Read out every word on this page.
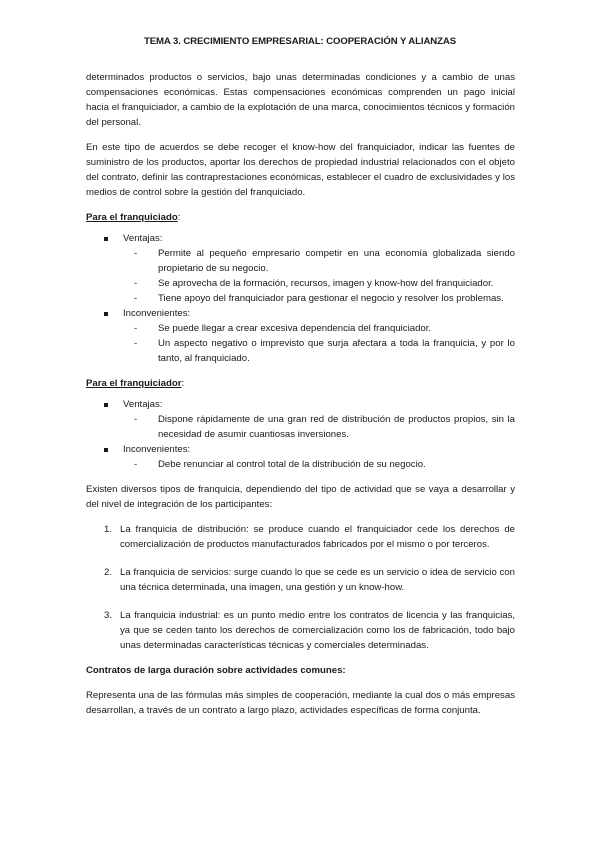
TEMA 3. CRECIMIENTO EMPRESARIAL: COOPERACIÓN Y ALIANZAS

determinados productos o servicios, bajo unas determinadas condiciones y a cambio de unas compensaciones económicas. Estas compensaciones económicas comprenden un pago inicial hacia el franquiciador, a cambio de la explotación de una marca, conocimientos técnicos y formación del personal.

En este tipo de acuerdos se debe recoger el know-how del franquiciador, indicar las fuentes de suministro de los productos, aportar los derechos de propiedad industrial relacionados con el objeto del contrato, definir las contraprestaciones económicas, establecer el cuadro de exclusividades y los medios de control sobre la gestión del franquiciado.

Para el franquiciado:

Ventajas:
- Permite al pequeño empresario competir en una economía globalizada siendo propietario de su negocio.
- Se aprovecha de la formación, recursos, imagen y know-how del franquiciador.
- Tiene apoyo del franquiciador para gestionar el negocio y resolver los problemas.
Inconvenientes:
- Se puede llegar a crear excesiva dependencia del franquiciador.
- Un aspecto negativo o imprevisto que surja afectara a toda la franquicia, y por lo tanto, al franquiciado.

Para el franquiciador:

Ventajas:
- Dispone rápidamente de una gran red de distribución de productos propios, sin la necesidad de asumir cuantiosas inversiones.
Inconvenientes:
- Debe renunciar al control total de la distribución de su negocio.

Existen diversos tipos de franquicia, dependiendo del tipo de actividad que se vaya a desarrollar y del nivel de integración de los participantes:

1. La franquicia de distribución: se produce cuando el franquiciador cede los derechos de comercialización de productos manufacturados fabricados por el mismo o por terceros.
2. La franquicia de servicios: surge cuando lo que se cede es un servicio o idea de servicio con una técnica determinada, una imagen, una gestión y un know-how.
3. La franquicia industrial: es un punto medio entre los contratos de licencia y las franquicias, ya que se ceden tanto los derechos de comercialización como los de fabricación, todo bajo unas determinadas características técnicas y comerciales determinadas.

Contratos de larga duración sobre actividades comunes:

Representa una de las fórmulas más simples de cooperación, mediante la cual dos o más empresas desarrollan, a través de un contrato a largo plazo, actividades específicas de forma conjunta.
